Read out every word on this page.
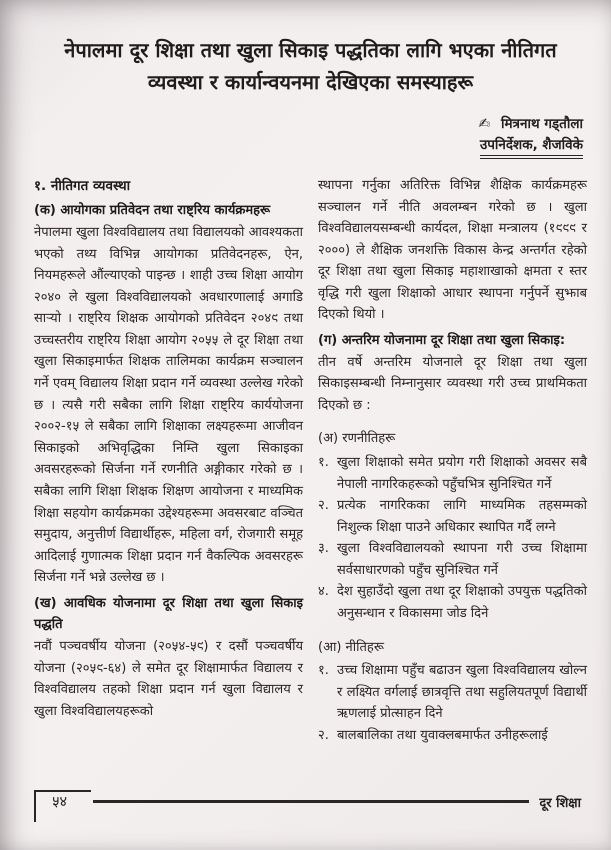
नेपालमा दूर शिक्षा तथा खुला सिकाइ पद्धतिका लागि भएका नीतिगत
व्यवस्था र कार्यान्वयनमा देखिएका समस्याहरू
✍ मित्रनाथ गड्तौला
उपनिर्देशक, शैजविके
१. नीतिगत व्यवस्था
(क) आयोगका प्रतिवेदन तथा राष्ट्रिय कार्यक्रमहरू

नेपालमा खुला विश्वविद्यालय तथा विद्यालयको आवश्यकता भएको तथ्य विभिन्न आयोगका प्रतिवेदनहरू, ऐन, नियमहरूले औंल्याएको पाइन्छ । शाही उच्च शिक्षा आयोग २०४० ले खुला विश्वविद्यालयको अवधारणालाई अगाडि सार्‍यो । राष्ट्रिय शिक्षक आयोगको प्रतिवेदन २०४९ तथा उच्चस्तरीय राष्ट्रिय शिक्षा आयोग २०५५ ले दूर शिक्षा तथा खुला सिकाइमार्फत शिक्षक तालिमका कार्यक्रम सञ्चालन गर्ने एवम् विद्यालय शिक्षा प्रदान गर्ने व्यवस्था उल्लेख गरेको छ । त्यसै गरी सबैका लागि शिक्षा राष्ट्रिय कार्ययोजना २००२-१५ ले सबैका लागि शिक्षाका लक्ष्यहरूमा आजीवन सिकाइको अभिवृद्धिका निम्ति खुला सिकाइका अवसरहरूको सिर्जना गर्ने रणनीति अङ्गीकार गरेको छ । सबैका लागि शिक्षा शिक्षक शिक्षण आयोजना र माध्यमिक शिक्षा सहयोग कार्यक्रमका उद्देश्यहरूमा अवसरबाट वञ्चित समुदाय, अनुत्तीर्ण विद्यार्थीहरू, महिला वर्ग, रोजगारी समूह आदिलाई गुणात्मक शिक्षा प्रदान गर्न वैकल्पिक अवसरहरू सिर्जना गर्ने भन्ने उल्लेख छ ।

(ख) आवधिक योजनामा दूर शिक्षा तथा खुला सिकाइ पद्धति

नवौं पञ्चवर्षीय योजना (२०५४-५९) र दसौं पञ्चवर्षीय योजना (२०५९-६४) ले समेत दूर शिक्षामार्फत विद्यालय र विश्वविद्यालय तहको शिक्षा प्रदान गर्न खुला विद्यालय र खुला विश्वविद्यालयहरूको

स्थापना गर्नुका अतिरिक्त विभिन्न शैक्षिक कार्यक्रमहरू सञ्चालन गर्ने नीति अवलम्बन गरेको छ । खुला विश्वविद्यालयसम्बन्धी कार्यदल, शिक्षा मन्त्रालय (१९९९ र २०००) ले शैक्षिक जनशक्ति विकास केन्द्र अन्तर्गत रहेको दूर शिक्षा तथा खुला सिकाइ महाशाखाको क्षमता र स्तर वृद्धि गरी खुला शिक्षाको आधार स्थापना गर्नुपर्ने सुझाब दिएको थियो ।

(ग) अन्तरिम योजनामा दूर शिक्षा तथा खुला सिकाइ:

तीन वर्षे अन्तरिम योजनाले दूर शिक्षा तथा खुला सिकाइसम्बन्धी निम्नानुसार व्यवस्था गरी उच्च प्राथमिकता दिएको छ :

(अ) रणनीतिहरू
१. खुला शिक्षाको समेत प्रयोग गरी शिक्षाको अवसर सबै नेपाली नागरिकहरूको पहुँचभित्र सुनिश्चित गर्ने
२. प्रत्येक नागरिकका लागि माध्यमिक तहसम्मको निशुल्क शिक्षा पाउने अधिकार स्थापित गर्दै लग्ने
३. खुला विश्वविद्यालयको स्थापना गरी उच्च शिक्षामा सर्वसाधारणको पहुँच सुनिश्चित गर्ने
४. देश सुहाउँदो खुला तथा दूर शिक्षाको उपयुक्त पद्धतिको अनुसन्धान र विकासमा जोड दिने
(आ) नीतिहरू
१. उच्च शिक्षामा पहुँच बढाउन खुला विश्वविद्यालय खोल्न र लक्ष्यित वर्गलाई छात्रवृत्ति तथा सहुलियतपूर्ण विद्यार्थी ऋणलाई प्रोत्साहन दिने
२. बालबालिका तथा युवाक्लबमार्फत उनीहरूलाई
५४	दूर शिक्षा
